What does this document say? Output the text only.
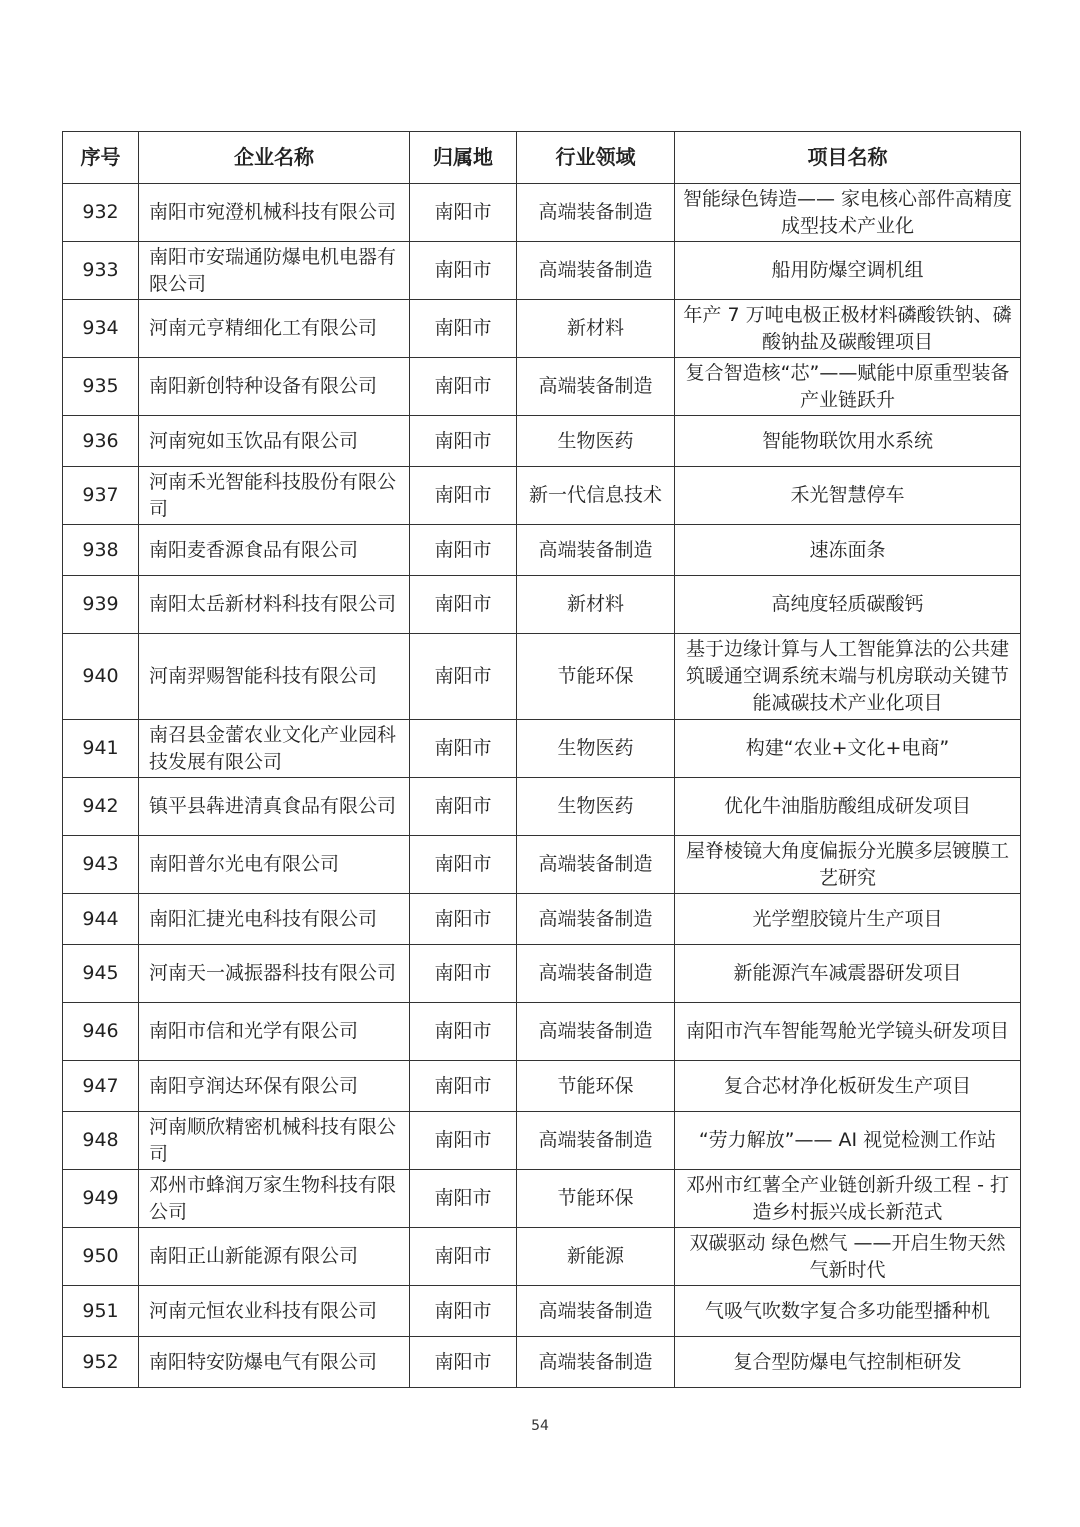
序号	企业名称	归属地	行业领域	项目名称
932	南阳市宛澄机械科技有限公司	南阳市	高端装备制造	智能绿色铸造—— 家电核心部件高精度成型技术产业化
933	南阳市安瑞通防爆电机电器有限公司	南阳市	高端装备制造	船用防爆空调机组
934	河南元亨精细化工有限公司	南阳市	新材料	年产 7 万吨电极正极材料磷酸铁钠、磷酸钠盐及碳酸锂项目
935	南阳新创特种设备有限公司	南阳市	高端装备制造	复合智造核“芯”——赋能中原重型装备产业链跃升
936	河南宛如玉饮品有限公司	南阳市	生物医药	智能物联饮用水系统
937	河南禾光智能科技股份有限公司	南阳市	新一代信息技术	禾光智慧停车
938	南阳麦香源食品有限公司	南阳市	高端装备制造	速冻面条
939	南阳太岳新材料科技有限公司	南阳市	新材料	高纯度轻质碳酸钙
940	河南羿赐智能科技有限公司	南阳市	节能环保	基于边缘计算与人工智能算法的公共建筑暖通空调系统末端与机房联动关键节能减碳技术产业化项目
941	南召县金蕾农业文化产业园科技发展有限公司	南阳市	生物医药	构建“农业+文化+电商”
942	镇平县犇进清真食品有限公司	南阳市	生物医药	优化牛油脂肪酸组成研发项目
943	南阳普尔光电有限公司	南阳市	高端装备制造	屋脊棱镜大角度偏振分光膜多层镀膜工艺研究
944	南阳汇捷光电科技有限公司	南阳市	高端装备制造	光学塑胶镜片生产项目
945	河南天一减振器科技有限公司	南阳市	高端装备制造	新能源汽车减震器研发项目
946	南阳市信和光学有限公司	南阳市	高端装备制造	南阳市汽车智能驾舱光学镜头研发项目
947	南阳亨润达环保有限公司	南阳市	节能环保	复合芯材净化板研发生产项目
948	河南顺欣精密机械科技有限公司	南阳市	高端装备制造	“劳力解放”—— AI 视觉检测工作站
949	邓州市蜂润万家生物科技有限公司	南阳市	节能环保	邓州市红薯全产业链创新升级工程 - 打造乡村振兴成长新范式
950	南阳正山新能源有限公司	南阳市	新能源	双碳驱动 绿色燃气 ——开启生物天然气新时代
951	河南元恒农业科技有限公司	南阳市	高端装备制造	气吸气吹数字复合多功能型播种机
952	南阳特安防爆电气有限公司	南阳市	高端装备制造	复合型防爆电气控制柜研发
54
